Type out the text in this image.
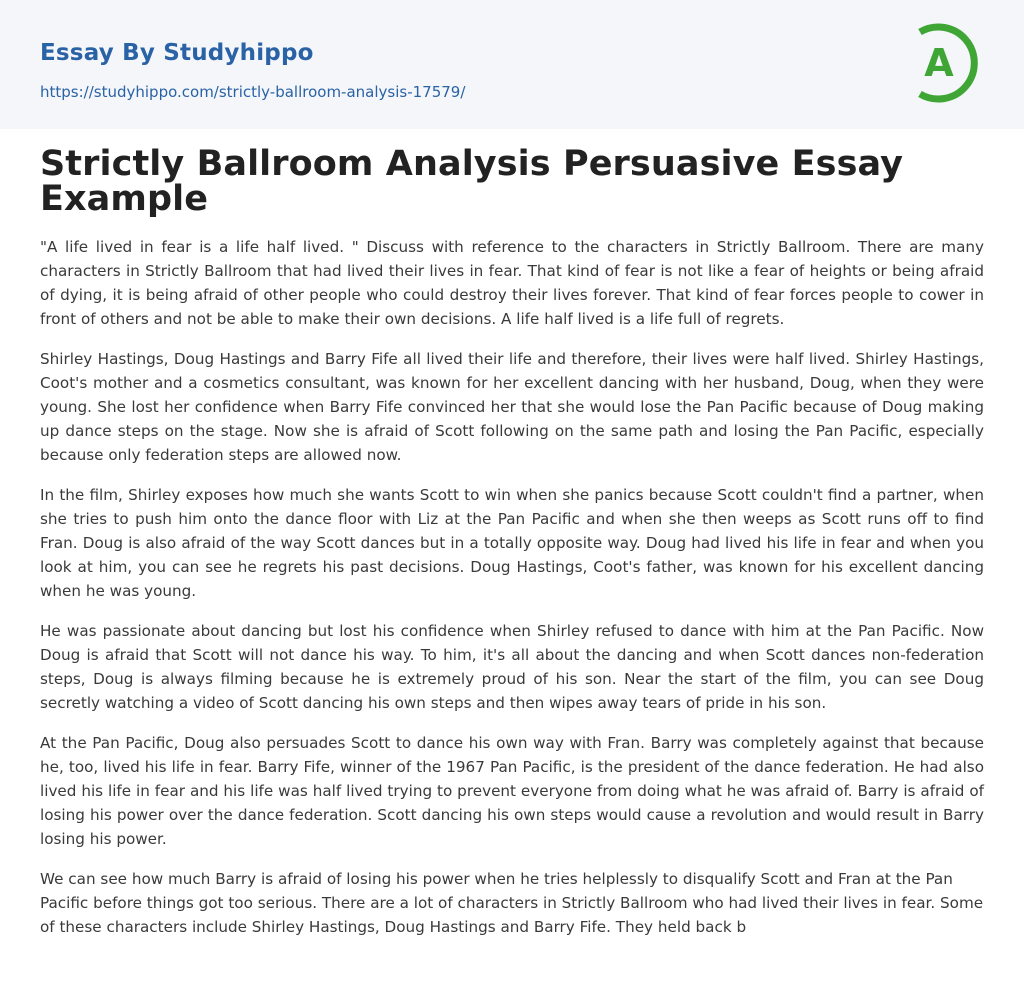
Essay By Studyhippo
https://studyhippo.com/strictly-ballroom-analysis-17579/
A
Strictly Ballroom Analysis Persuasive Essay Example

"A life lived in fear is a life half lived. " Discuss with reference to the characters in Strictly Ballroom. There are many characters in Strictly Ballroom that had lived their lives in fear. That kind of fear is not like a fear of heights or being afraid of dying, it is being afraid of other people who could destroy their lives forever. That kind of fear forces people to cower in front of others and not be able to make their own decisions. A life half lived is a life full of regrets.

Shirley Hastings, Doug Hastings and Barry Fife all lived their life and therefore, their lives were half lived. Shirley Hastings, Coot's mother and a cosmetics consultant, was known for her excellent dancing with her husband, Doug, when they were young. She lost her confidence when Barry Fife convinced her that she would lose the Pan Pacific because of Doug making up dance steps on the stage. Now she is afraid of Scott following on the same path and losing the Pan Pacific, especially because only federation steps are allowed now.

In the film, Shirley exposes how much she wants Scott to win when she panics because Scott couldn't find a partner, when she tries to push him onto the dance floor with Liz at the Pan Pacific and when she then weeps as Scott runs off to find Fran. Doug is also afraid of the way Scott dances but in a totally opposite way. Doug had lived his life in fear and when you look at him, you can see he regrets his past decisions. Doug Hastings, Coot's father, was known for his excellent dancing when he was young.

He was passionate about dancing but lost his confidence when Shirley refused to dance with him at the Pan Pacific. Now Doug is afraid that Scott will not dance his way. To him, it's all about the dancing and when Scott dances non-federation steps, Doug is always filming because he is extremely proud of his son. Near the start of the film, you can see Doug secretly watching a video of Scott dancing his own steps and then wipes away tears of pride in his son.

At the Pan Pacific, Doug also persuades Scott to dance his own way with Fran. Barry was completely against that because he, too, lived his life in fear. Barry Fife, winner of the 1967 Pan Pacific, is the president of the dance federation. He had also lived his life in fear and his life was half lived trying to prevent everyone from doing what he was afraid of. Barry is afraid of losing his power over the dance federation. Scott dancing his own steps would cause a revolution and would result in Barry losing his power.

We can see how much Barry is afraid of losing his power when he tries helplessly to disqualify Scott and Fran at the Pan Pacific before things got too serious. There are a lot of characters in Strictly Ballroom who had lived their lives in fear. Some of these characters include Shirley Hastings, Doug Hastings and Barry Fife. They held back b
